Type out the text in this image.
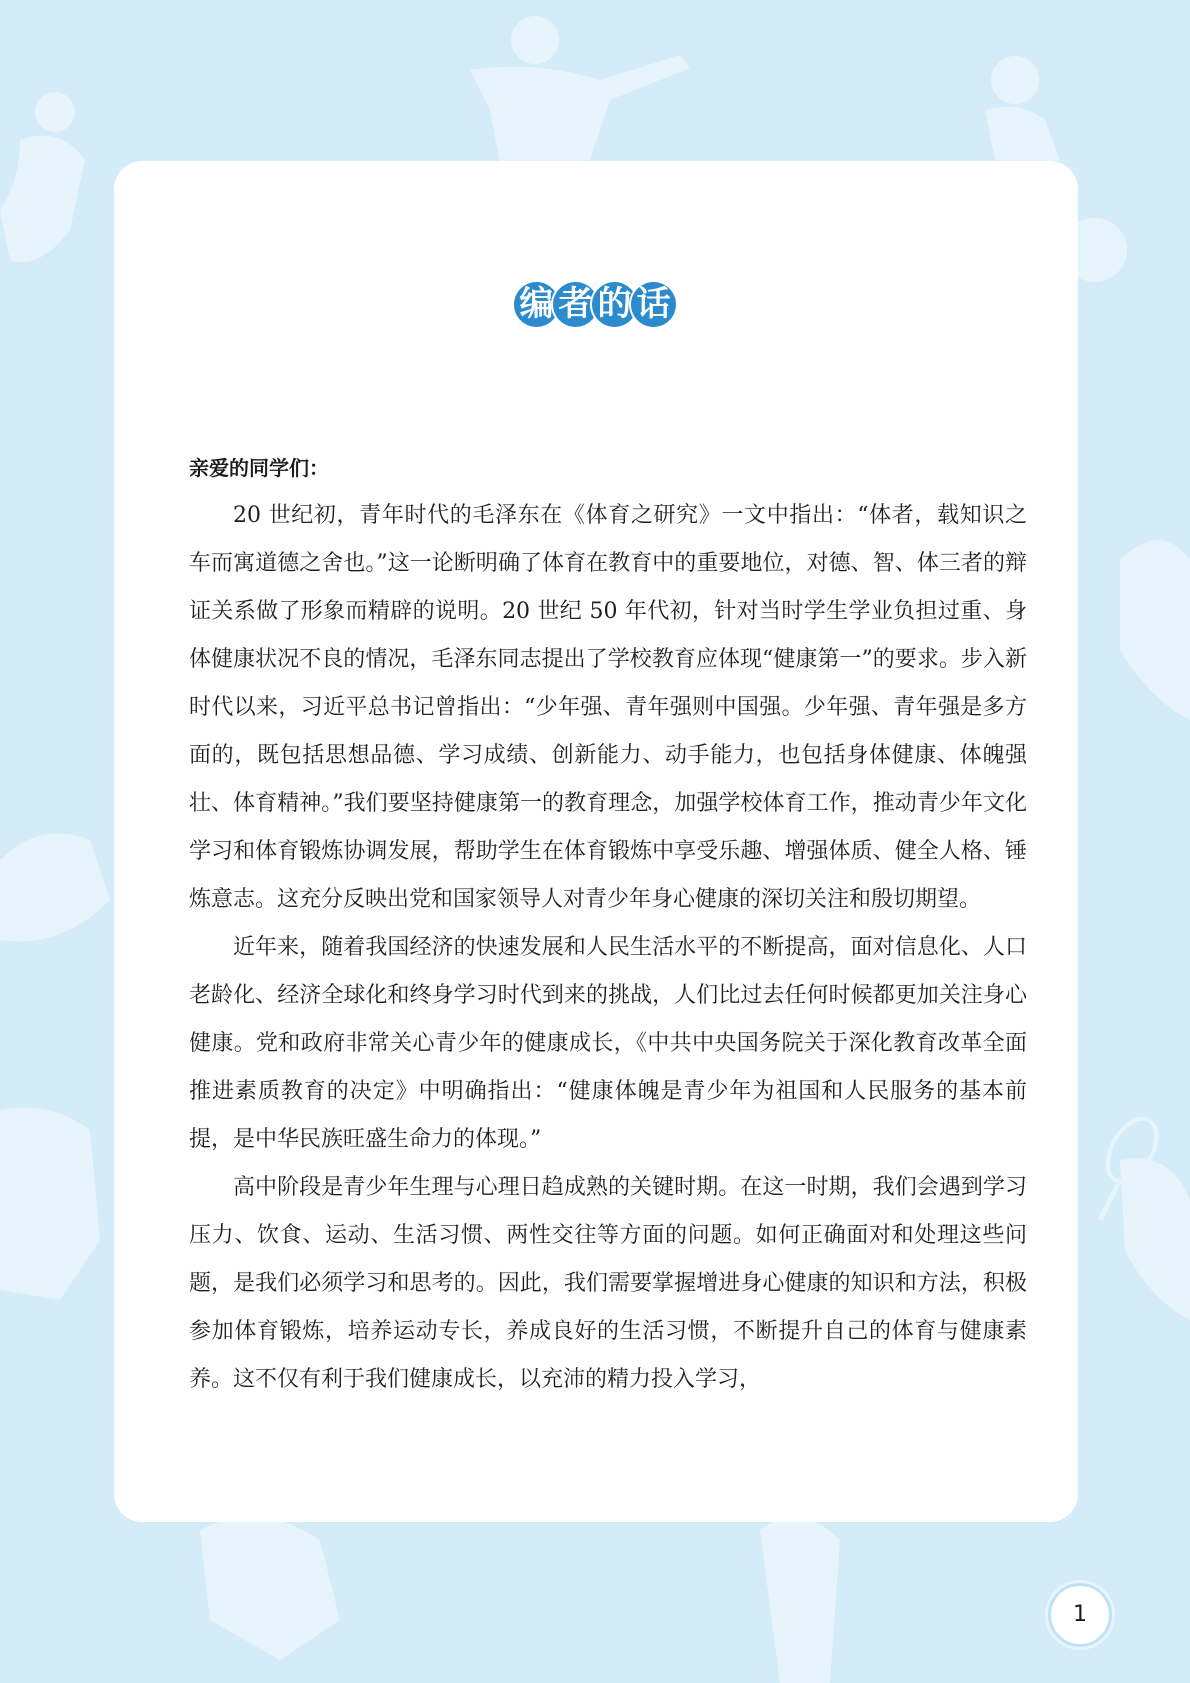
编 者 的 话

亲爱的同学们：

20 世纪初，青年时代的毛泽东在《体育之研究》一文中指出：“体者，载知识之车而寓道德之舍也。”这一论断明确了体育在教育中的重要地位，对德、智、体三者的辩证关系做了形象而精辟的说明。20 世纪 50 年代初，针对当时学生学业负担过重、身体健康状况不良的情况，毛泽东同志提出了学校教育应体现“健康第一”的要求。步入新时代以来，习近平总书记曾指出：“少年强、青年强则中国强。少年强、青年强是多方面的，既包括思想品德、学习成绩、创新能力、动手能力，也包括身体健康、体魄强壮、体育精神。”我们要坚持健康第一的教育理念，加强学校体育工作，推动青少年文化学习和体育锻炼协调发展，帮助学生在体育锻炼中享受乐趣、增强体质、健全人格、锤炼意志。这充分反映出党和国家领导人对青少年身心健康的深切关注和殷切期望。

近年来，随着我国经济的快速发展和人民生活水平的不断提高，面对信息化、人口老龄化、经济全球化和终身学习时代到来的挑战，人们比过去任何时候都更加关注身心健康。党和政府非常关心青少年的健康成长，《中共中央国务院关于深化教育改革全面推进素质教育的决定》中明确指出：“健康体魄是青少年为祖国和人民服务的基本前提，是中华民族旺盛生命力的体现。”

高中阶段是青少年生理与心理日趋成熟的关键时期。在这一时期，我们会遇到学习压力、饮食、运动、生活习惯、两性交往等方面的问题。如何正确面对和处理这些问题，是我们必须学习和思考的。因此，我们需要掌握增进身心健康的知识和方法，积极参加体育锻炼，培养运动专长，养成良好的生活习惯，不断提升自己的体育与健康素养。这不仅有利于我们健康成长，以充沛的精力投入学习，

1
